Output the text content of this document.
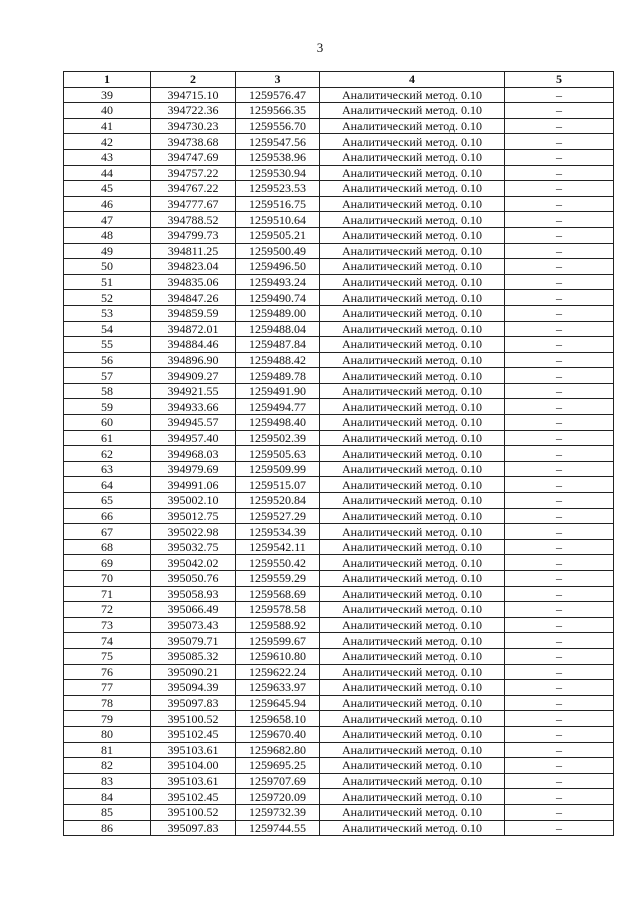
3
1	2	3	4	5
39	394715.10	1259576.47	Аналитический метод. 0.10	–
40	394722.36	1259566.35	Аналитический метод. 0.10	–
41	394730.23	1259556.70	Аналитический метод. 0.10	–
42	394738.68	1259547.56	Аналитический метод. 0.10	–
43	394747.69	1259538.96	Аналитический метод. 0.10	–
44	394757.22	1259530.94	Аналитический метод. 0.10	–
45	394767.22	1259523.53	Аналитический метод. 0.10	–
46	394777.67	1259516.75	Аналитический метод. 0.10	–
47	394788.52	1259510.64	Аналитический метод. 0.10	–
48	394799.73	1259505.21	Аналитический метод. 0.10	–
49	394811.25	1259500.49	Аналитический метод. 0.10	–
50	394823.04	1259496.50	Аналитический метод. 0.10	–
51	394835.06	1259493.24	Аналитический метод. 0.10	–
52	394847.26	1259490.74	Аналитический метод. 0.10	–
53	394859.59	1259489.00	Аналитический метод. 0.10	–
54	394872.01	1259488.04	Аналитический метод. 0.10	–
55	394884.46	1259487.84	Аналитический метод. 0.10	–
56	394896.90	1259488.42	Аналитический метод. 0.10	–
57	394909.27	1259489.78	Аналитический метод. 0.10	–
58	394921.55	1259491.90	Аналитический метод. 0.10	–
59	394933.66	1259494.77	Аналитический метод. 0.10	–
60	394945.57	1259498.40	Аналитический метод. 0.10	–
61	394957.40	1259502.39	Аналитический метод. 0.10	–
62	394968.03	1259505.63	Аналитический метод. 0.10	–
63	394979.69	1259509.99	Аналитический метод. 0.10	–
64	394991.06	1259515.07	Аналитический метод. 0.10	–
65	395002.10	1259520.84	Аналитический метод. 0.10	–
66	395012.75	1259527.29	Аналитический метод. 0.10	–
67	395022.98	1259534.39	Аналитический метод. 0.10	–
68	395032.75	1259542.11	Аналитический метод. 0.10	–
69	395042.02	1259550.42	Аналитический метод. 0.10	–
70	395050.76	1259559.29	Аналитический метод. 0.10	–
71	395058.93	1259568.69	Аналитический метод. 0.10	–
72	395066.49	1259578.58	Аналитический метод. 0.10	–
73	395073.43	1259588.92	Аналитический метод. 0.10	–
74	395079.71	1259599.67	Аналитический метод. 0.10	–
75	395085.32	1259610.80	Аналитический метод. 0.10	–
76	395090.21	1259622.24	Аналитический метод. 0.10	–
77	395094.39	1259633.97	Аналитический метод. 0.10	–
78	395097.83	1259645.94	Аналитический метод. 0.10	–
79	395100.52	1259658.10	Аналитический метод. 0.10	–
80	395102.45	1259670.40	Аналитический метод. 0.10	–
81	395103.61	1259682.80	Аналитический метод. 0.10	–
82	395104.00	1259695.25	Аналитический метод. 0.10	–
83	395103.61	1259707.69	Аналитический метод. 0.10	–
84	395102.45	1259720.09	Аналитический метод. 0.10	–
85	395100.52	1259732.39	Аналитический метод. 0.10	–
86	395097.83	1259744.55	Аналитический метод. 0.10	–
